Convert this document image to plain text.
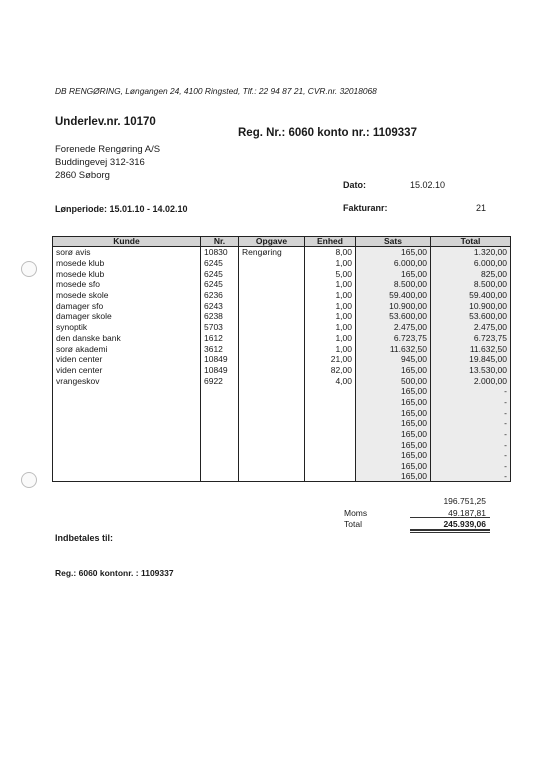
DB RENGØRING, Løngangen 24, 4100 Ringsted, Tlf.: 22 94 87 21, CVR.nr. 32018068
Underlev.nr. 10170
Reg. Nr.: 6060 konto nr.: 1109337
Forenede Rengøring A/S
Buddingevej 312-316
2860 Søborg
Dato:	15.02.10
Lønperiode: 15.01.10 - 14.02.10	Fakturanr:	21
Kunde	Nr.	Opgave	Enhed	Sats	Total
sorø avis	10830	Rengøring	8,00	165,00	1.320,00
mosede klub	6245		1,00	6.000,00	6.000,00
mosede klub	6245		5,00	165,00	825,00
mosede sfo	6245		1,00	8.500,00	8.500,00
mosede skole	6236		1,00	59.400,00	59.400,00
damager sfo	6243		1,00	10.900,00	10.900,00
damager skole	6238		1,00	53.600,00	53.600,00
synoptik	5703		1,00	2.475,00	2.475,00
den danske bank	1612		1,00	6.723,75	6.723,75
sorø akademi	3612		1,00	11.632,50	11.632,50
viden center	10849		21,00	945,00	19.845,00
viden center	10849		82,00	165,00	13.530,00
vrangeskov	6922		4,00	500,00	2.000,00
				165,00	-
				165,00	-
				165,00	-
				165,00	-
				165,00	-
				165,00	-
				165,00	-
				165,00	-
				165,00	-
196.751,25
Moms	49.187,81
Total	245.939,06
Indbetales til:
Reg.: 6060 kontonr. : 1109337
